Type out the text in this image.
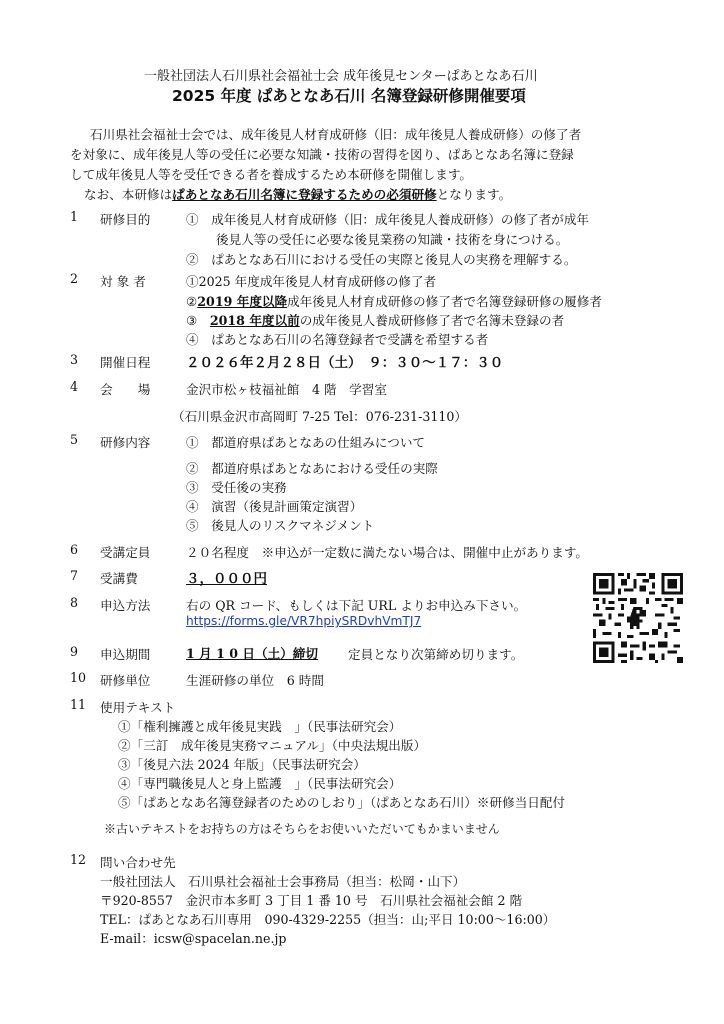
一般社団法人石川県社会福祉士会 成年後見センターぱあとなあ石川
2025 年度 ぱあとなあ石川 名簿登録研修開催要項
石川県社会福祉士会では、成年後見人材育成研修（旧：成年後見人養成研修）の修了者
を対象に、成年後見人等の受任に必要な知識・技術の習得を図り、ぱあとなあ名簿に登録
して成年後見人等を受任できる者を養成するため本研修を開催します。
なお、本研修はぱあとなあ石川名簿に登録するための必須研修となります。
1 研修目的	①　成年後見人材育成研修（旧：成年後見人養成研修）の修了者が成年
後見人等の受任に必要な後見業務の知識・技術を身につける。
②　ぱあとなあ石川における受任の実際と後見人の実務を理解する。
2 対 象 者	①2025 年度成年後見人材育成研修の修了者
②2019 年度以降成年後見人材育成研修の修了者で名簿登録研修の履修者
③　2018 年度以前の成年後見人養成研修修了者で名簿未登録の者
④　ぱあとなあ石川の名簿登録者で受講を希望する者
3 開催日程	２０２６年２月２８日（土）　９：３０〜１７：３０
4 会　　場	金沢市松ヶ枝福祉館　4 階　学習室
（石川県金沢市高岡町 7-25 Tel：076-231-3110）
5 研修内容	①　都道府県ぱあとなあの仕組みについて
②　都道府県ぱあとなあにおける受任の実際
③　受任後の実務
④　演習（後見計画策定演習）
⑤　後見人のリスクマネジメント
6 受講定員	２０名程度　※申込が一定数に満たない場合は、開催中止があります。
7 受講費	３，０００円
8 申込方法	右の QR コード、もしくは下記 URL よりお申込み下さい。
https://forms.gle/VR7hpiySRDvhVmTJ7
9 申込期間	1 月 1 0 日（土）締切 定員となり次第締め切ります。
10 研修単位	生涯研修の単位　6 時間
11 使用テキスト
①「権利擁護と成年後見実践　」（民事法研究会）
②「三訂　成年後見実務マニュアル」（中央法規出版）
③「後見六法 2024 年版」（民事法研究会）
④「専門職後見人と身上監護　」（民事法研究会）
⑤「ぱあとなあ名簿登録者のためのしおり」（ぱあとなあ石川）※研修当日配付
※古いテキストをお持ちの方はそちらをお使いいただいてもかまいません
12 問い合わせ先
一般社団法人　石川県社会福祉士会事務局（担当：松岡・山下）
〒920-8557　金沢市本多町 3 丁目 1 番 10 号　石川県社会福祉会館 2 階
TEL：ぱあとなあ石川専用　090-4329-2255（担当：山;平日 10:00〜16:00）
E-mail：icsw@spacelan.ne.jp
